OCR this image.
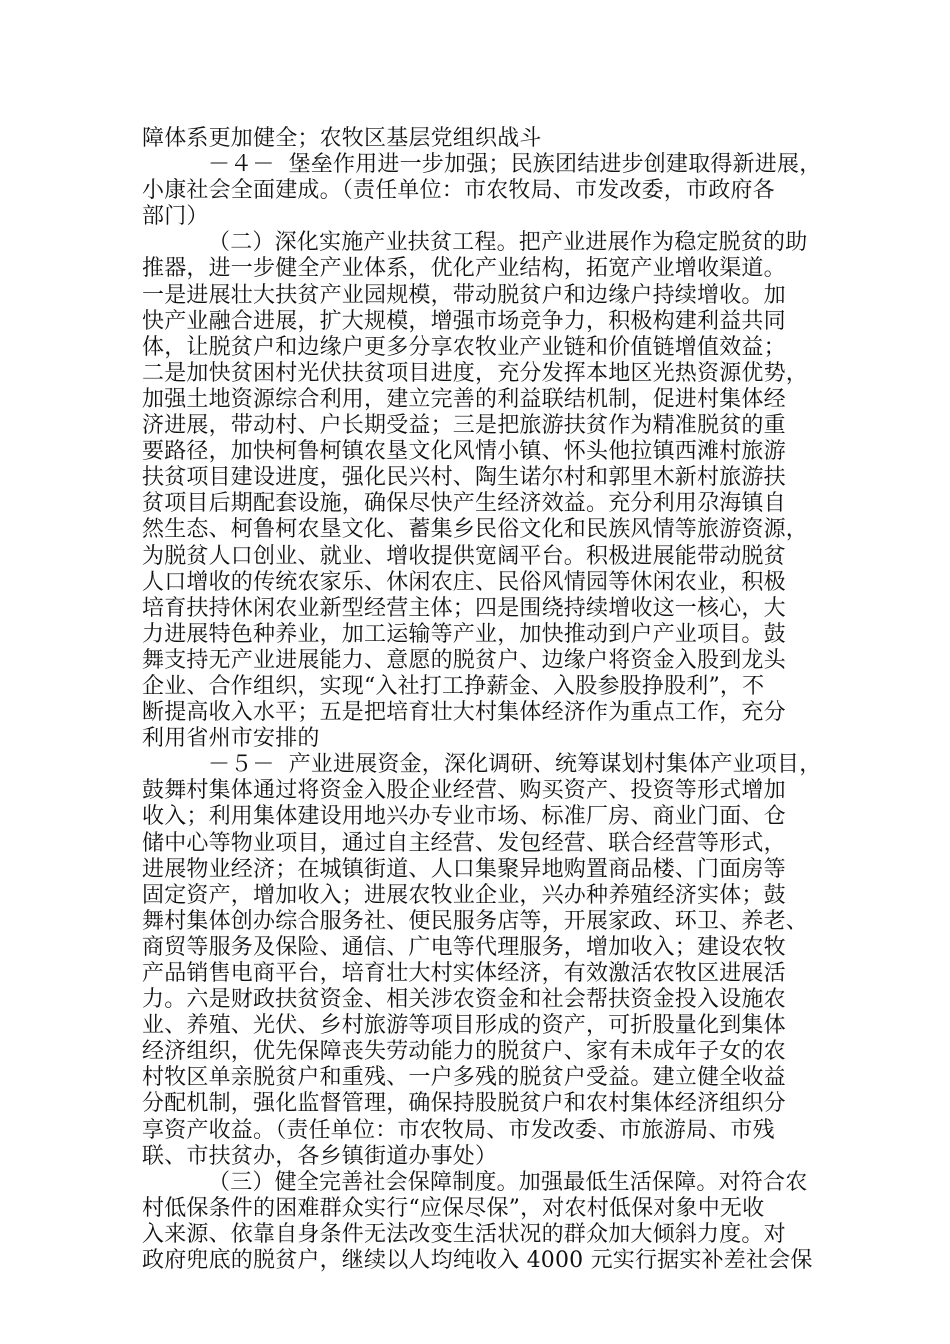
障体系更加健全；农牧区基层党组织战斗
－４－ 堡垒作用进一步加强；民族团结进步创建取得新进展，
小康社会全面建成。（责任单位：市农牧局、市发改委，市政府各
部门）
（二）深化实施产业扶贫工程。把产业进展作为稳定脱贫的助
推器，进一步健全产业体系，优化产业结构，拓宽产业增收渠道。
一是进展壮大扶贫产业园规模，带动脱贫户和边缘户持续增收。加
快产业融合进展，扩大规模，增强市场竞争力，积极构建利益共同
体，让脱贫户和边缘户更多分享农牧业产业链和价值链增值效益；
二是加快贫困村光伏扶贫项目进度，充分发挥本地区光热资源优势，
加强土地资源综合利用，建立完善的利益联结机制，促进村集体经
济进展，带动村、户长期受益；三是把旅游扶贫作为精准脱贫的重
要路径，加快柯鲁柯镇农垦文化风情小镇、怀头他拉镇西滩村旅游
扶贫项目建设进度，强化民兴村、陶生诺尔村和郭里木新村旅游扶
贫项目后期配套设施，确保尽快产生经济效益。充分利用尕海镇自
然生态、柯鲁柯农垦文化、蓄集乡民俗文化和民族风情等旅游资源，
为脱贫人口创业、就业、增收提供宽阔平台。积极进展能带动脱贫
人口增收的传统农家乐、休闲农庄、民俗风情园等休闲农业，积极
培育扶持休闲农业新型经营主体；四是围绕持续增收这一核心，大
力进展特色种养业，加工运输等产业，加快推动到户产业项目。鼓
舞支持无产业进展能力、意愿的脱贫户、边缘户将资金入股到龙头
企业、合作组织，实现“入社打工挣薪金、入股参股挣股利”，不
断提高收入水平；五是把培育壮大村集体经济作为重点工作，充分
利用省州市安排的
－５－ 产业进展资金，深化调研、统筹谋划村集体产业项目，
鼓舞村集体通过将资金入股企业经营、购买资产、投资等形式增加
收入；利用集体建设用地兴办专业市场、标准厂房、商业门面、仓
储中心等物业项目，通过自主经营、发包经营、联合经营等形式，
进展物业经济；在城镇街道、人口集聚异地购置商品楼、门面房等
固定资产，增加收入；进展农牧业企业，兴办种养殖经济实体；鼓
舞村集体创办综合服务社、便民服务店等，开展家政、环卫、养老、
商贸等服务及保险、通信、广电等代理服务，增加收入；建设农牧
产品销售电商平台，培育壮大村实体经济，有效激活农牧区进展活
力。六是财政扶贫资金、相关涉农资金和社会帮扶资金投入设施农
业、养殖、光伏、乡村旅游等项目形成的资产，可折股量化到集体
经济组织，优先保障丧失劳动能力的脱贫户、家有未成年子女的农
村牧区单亲脱贫户和重残、一户多残的脱贫户受益。建立健全收益
分配机制，强化监督管理，确保持股脱贫户和农村集体经济组织分
享资产收益。（责任单位：市农牧局、市发改委、市旅游局、市残
联、市扶贫办，各乡镇街道办事处）
（三）健全完善社会保障制度。加强最低生活保障。对符合农
村低保条件的困难群众实行“应保尽保”，对农村低保对象中无收
入来源、依靠自身条件无法改变生活状况的群众加大倾斜力度。对
政府兜底的脱贫户，继续以人均纯收入 4000 元实行据实补差社会保
